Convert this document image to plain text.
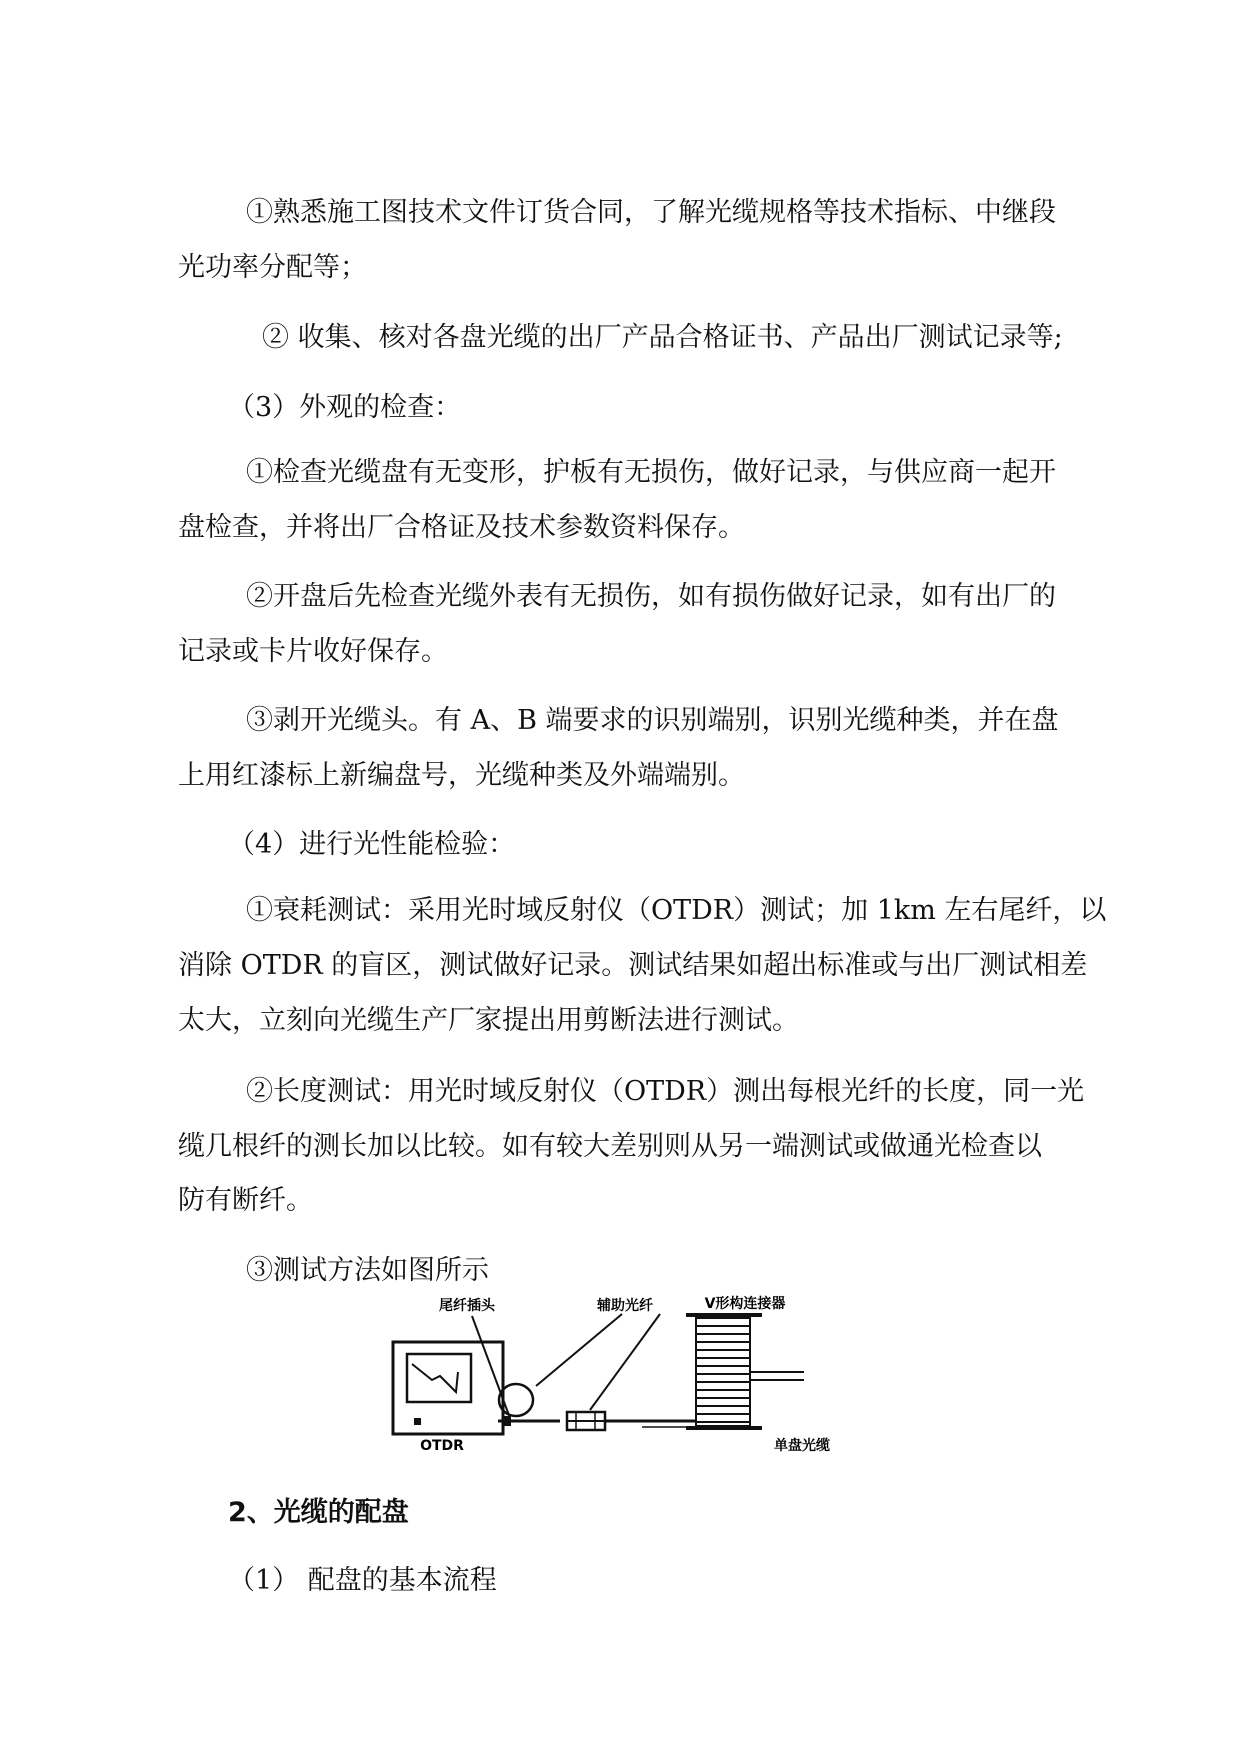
①熟悉施工图技术文件订货合同，了解光缆规格等技术指标、中继段
光功率分配等；
② 收集、核对各盘光缆的出厂产品合格证书、产品出厂测试记录等;
（3）外观的检查：
①检查光缆盘有无变形，护板有无损伤，做好记录，与供应商一起开
盘检查，并将出厂合格证及技术参数资料保存。
②开盘后先检查光缆外表有无损伤，如有损伤做好记录，如有出厂的
记录或卡片收好保存。
③剥开光缆头。有 A、B 端要求的识别端别，识别光缆种类，并在盘
上用红漆标上新编盘号，光缆种类及外端端别。
（4）进行光性能检验：
①衰耗测试：采用光时域反射仪（OTDR）测试；加 1km 左右尾纤，以
消除 OTDR 的盲区，测试做好记录。测试结果如超出标准或与出厂测试相差
太大，立刻向光缆生产厂家提出用剪断法进行测试。
②长度测试：用光时域反射仪（OTDR）测出每根光纤的长度，同一光
缆几根纤的测长加以比较。如有较大差别则从另一端测试或做通光检查以
防有断纤。
③测试方法如图所示
尾纤插头	辅助光纤	V形构连接器
OTDR	单盘光缆
2、光缆的配盘
（1） 配盘的基本流程
